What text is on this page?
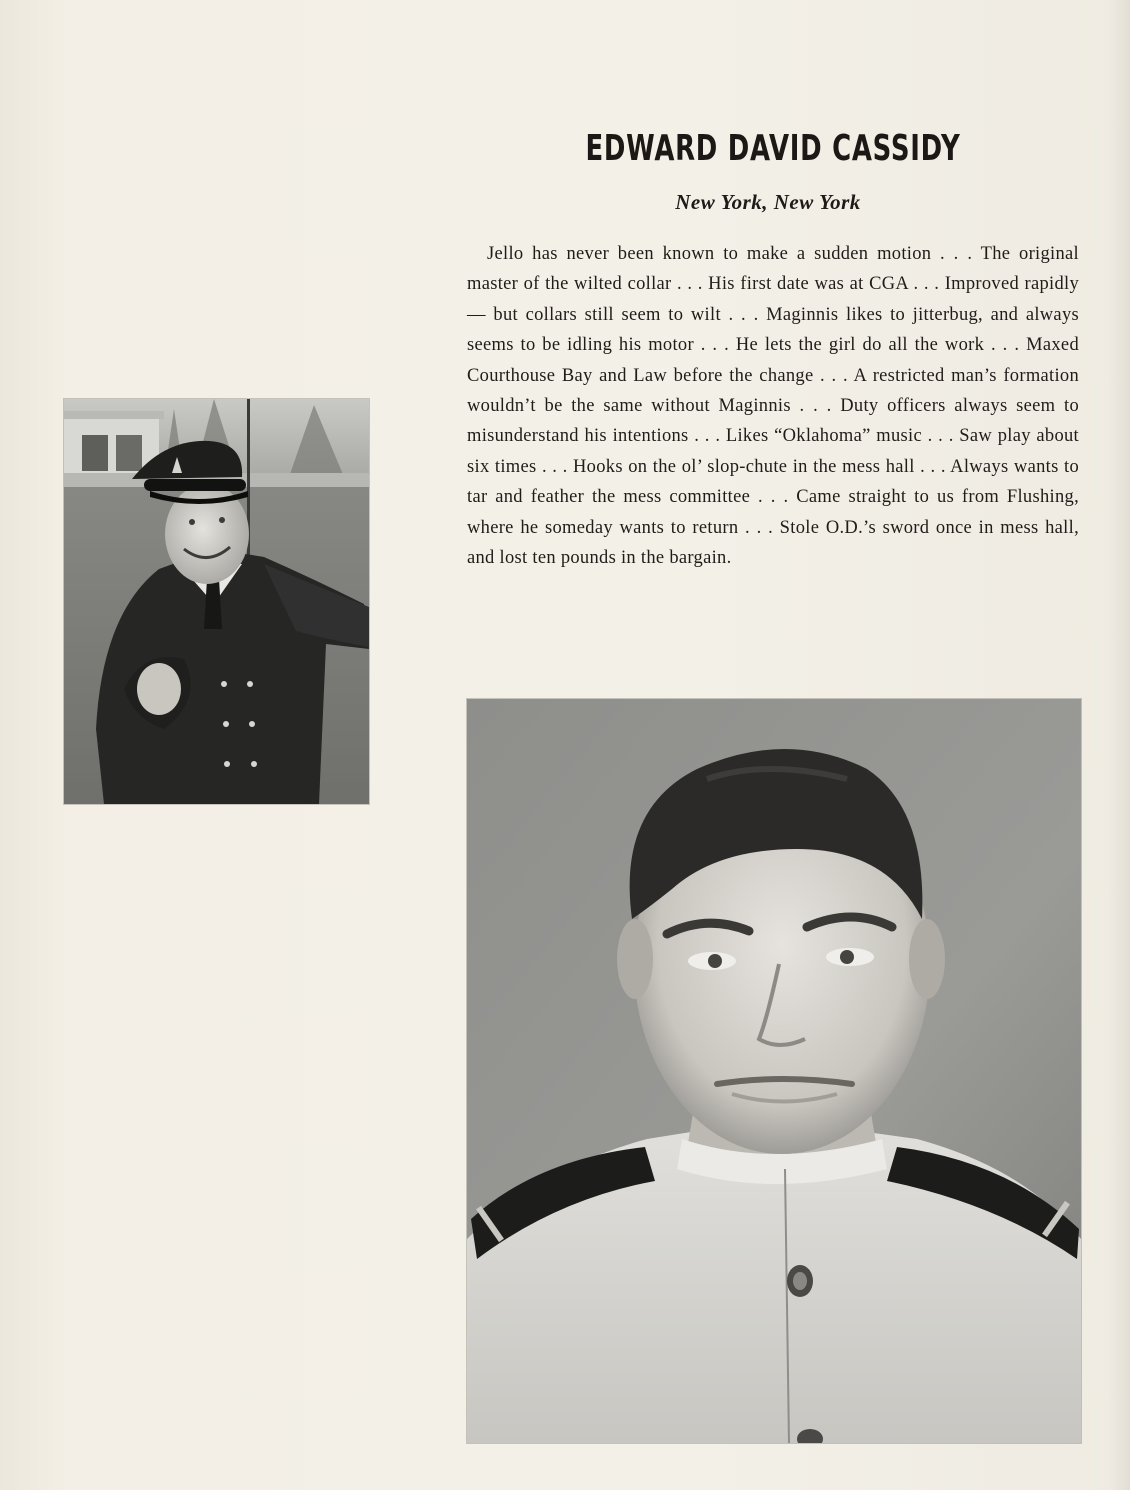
EDWARD DAVID CASSIDY
New York, New York

Jello has never been known to make a sudden motion . . . The original master of the wilted collar . . . His first date was at CGA . . . Improved rapidly — but collars still seem to wilt . . . Maginnis likes to jitterbug, and always seems to be idling his motor . . . He lets the girl do all the work . . . Maxed Courthouse Bay and Law before the change . . . A restricted man’s formation wouldn’t be the same without Maginnis . . . Duty officers always seem to misunderstand his intentions . . . Likes “Oklahoma” music . . . Saw play about six times . . . Hooks on the ol’ slop-chute in the mess hall . . . Always wants to tar and feather the mess committee . . . Came straight to us from Flushing, where he someday wants to return . . . Stole O.D.’s sword once in mess hall, and lost ten pounds in the bargain.
